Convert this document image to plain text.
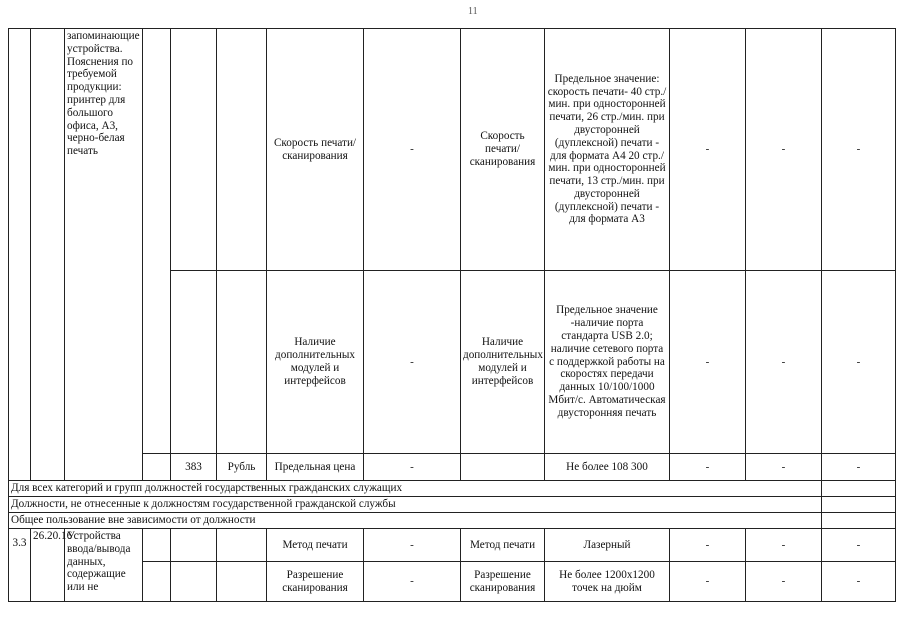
11
		запоминающие устройства. Пояснения по требуемой продукции: принтер для большого офиса, А3, черно-белая печать				Скорость печати/сканирования	-	Скорость печати/сканирования	Предельное значение: скорость печати- 40 стр./мин. при односторонней печати, 26 стр./мин. при двусторонней (дуплексной) печати - для формата А4 20 стр./мин. при односторонней печати, 13 стр./мин. при двусторонней (дуплексной) печати - для формата А3	-	-	-
						Наличие дополнительных модулей и интерфейсов	-	Наличие дополнительных модулей и интерфейсов	Предельное значение -наличие порта стандарта USB 2.0; наличие сетевого порта с поддержкой работы на скоростях передачи данных 10/100/1000 Мбит/с. Автоматическая двусторонняя печать	-	-	-
				383	Рубль	Предельная цена	-		Не более 108 300	-	-	-
Для всех категорий и групп должностей государственных гражданских служащих												
Должности, не отнесенные к должностям государственной гражданской службы												
Общее пользование вне зависимости от должности												
3.3	26.20.16	Устройства ввода/вывода данных, содержащие или не				Метод печати	-	Метод печати	Лазерный	-	-	-
						Разрешение сканирования	-	Разрешение сканирования	Не более 1200x1200 точек на дюйм	-	-	-
